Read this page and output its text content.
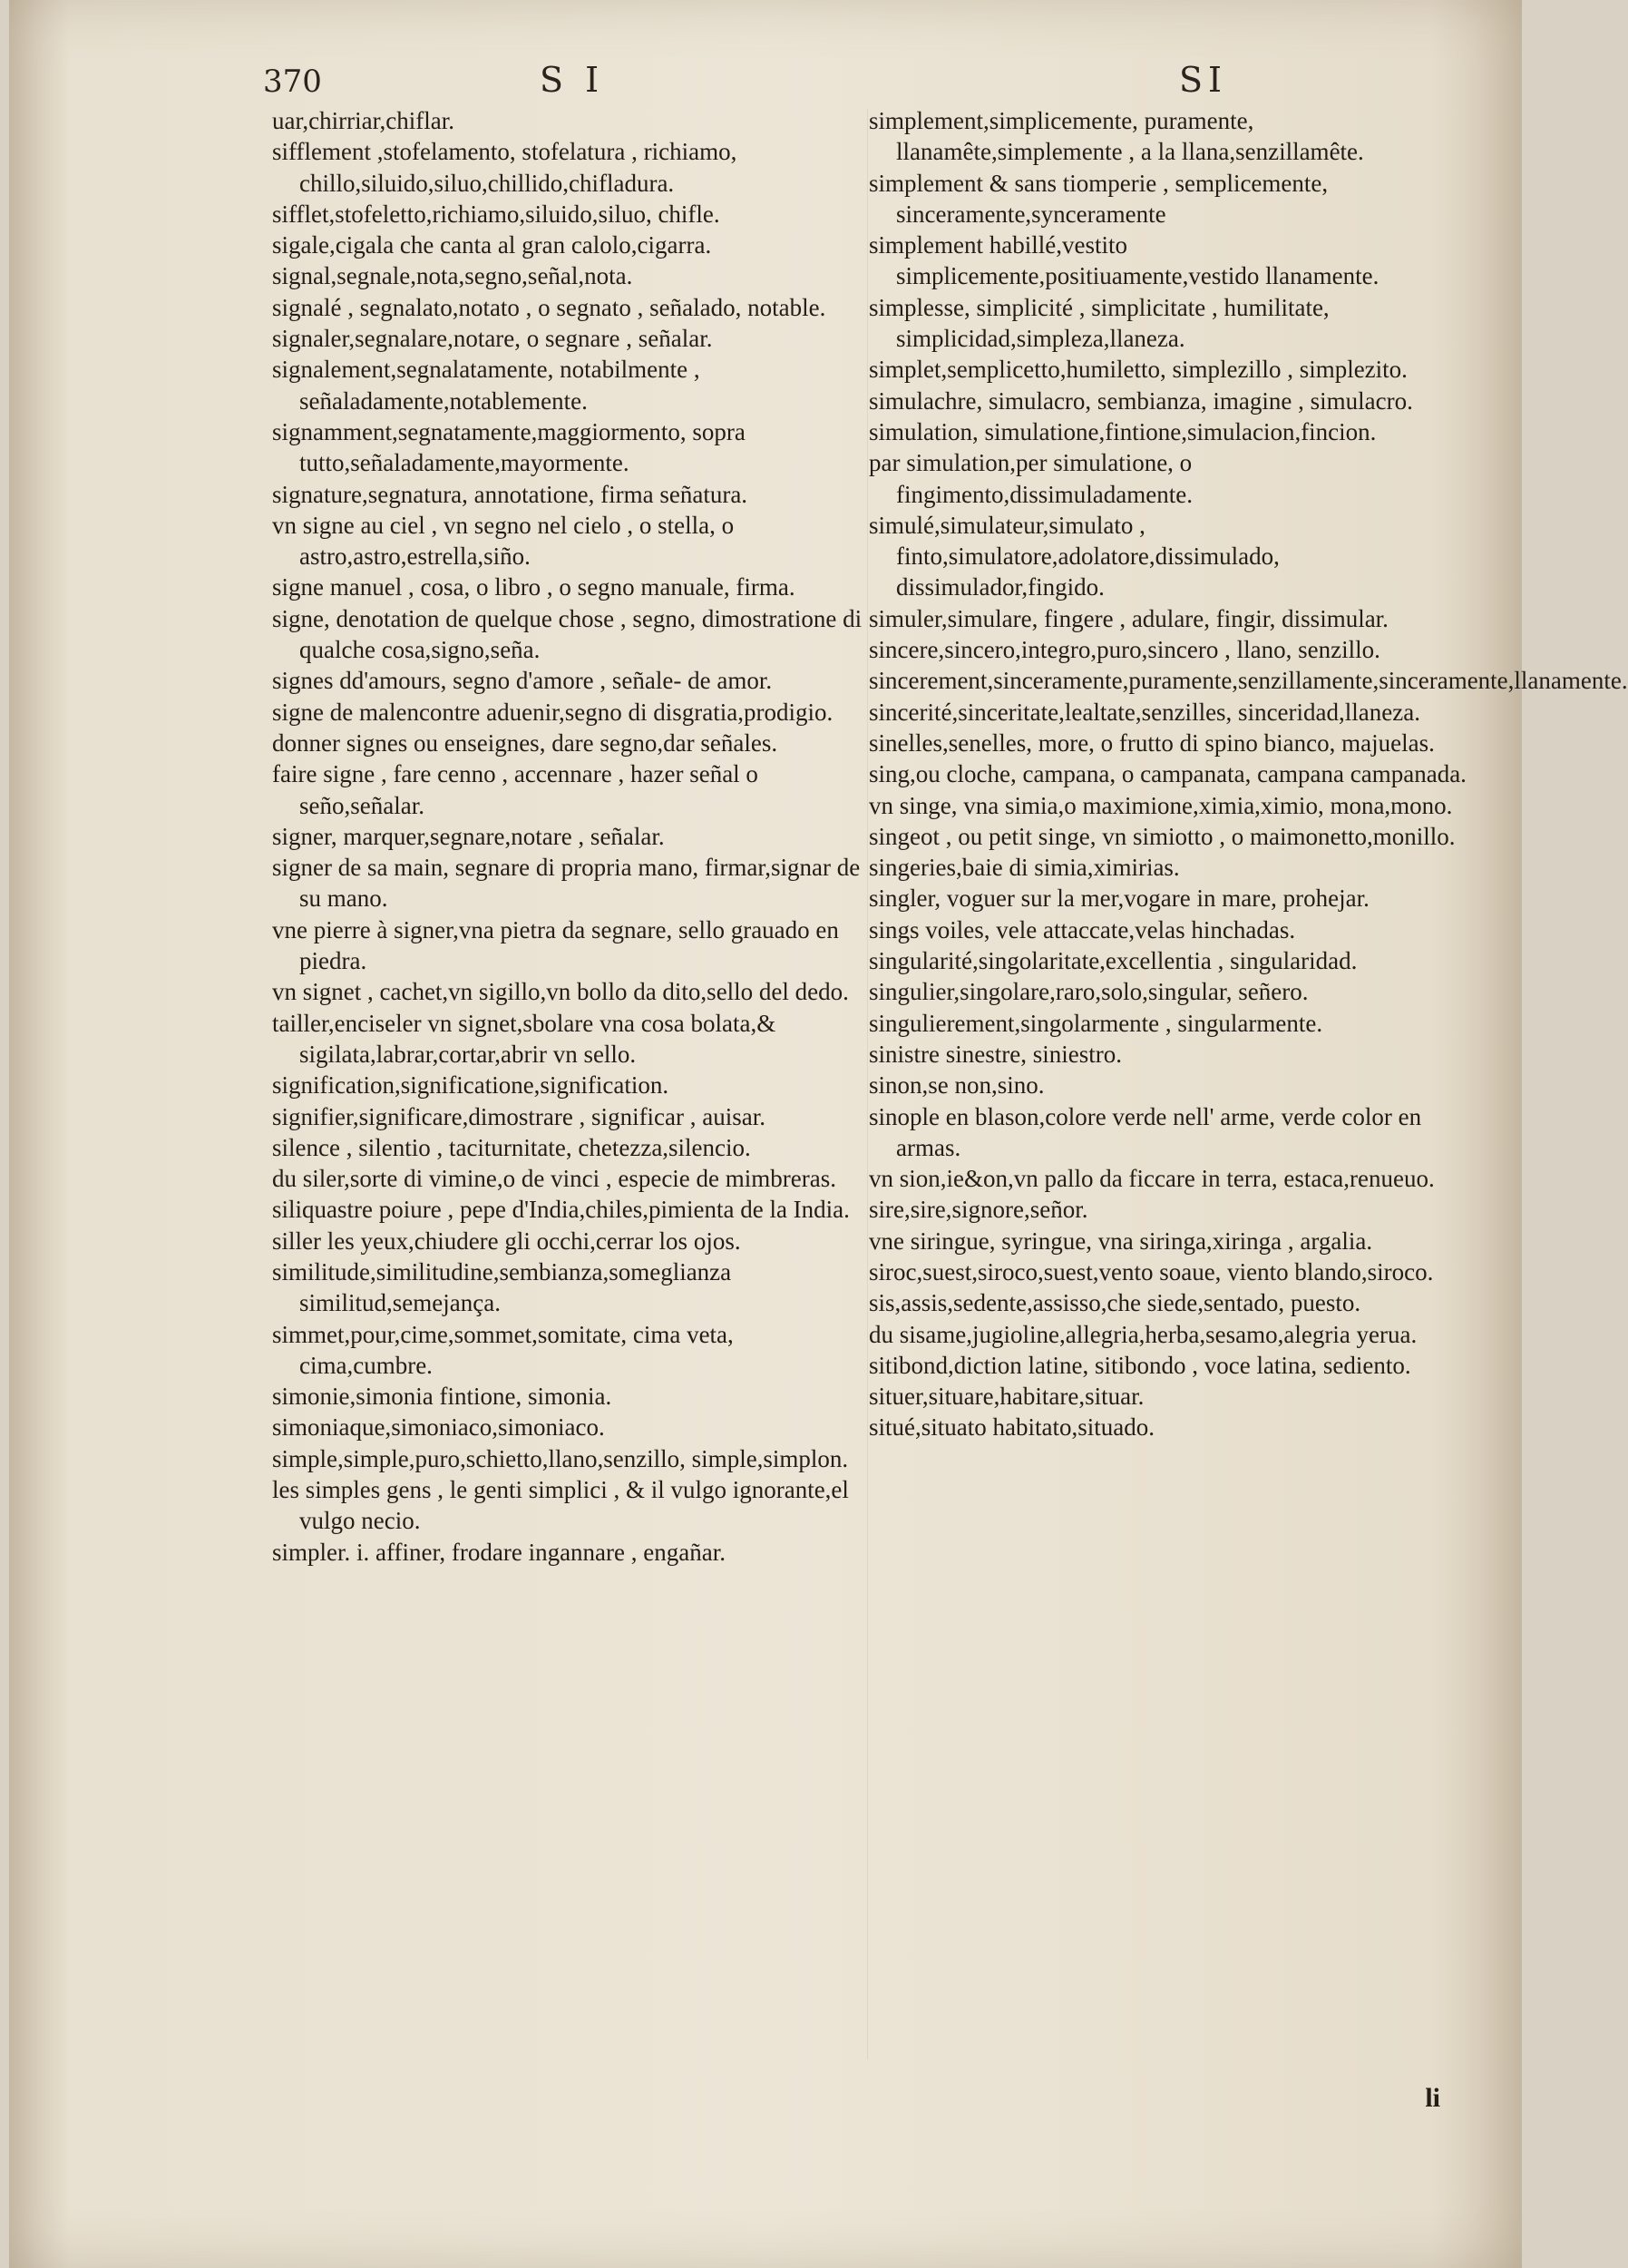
370	S I	SI

uar,chirriar,chiflar.

sifflement ,stofelamento, stofelatura , richiamo, chillo,siluido,siluo,chillido,chifladura.

sifflet,stofeletto,richiamo,siluido,siluo, chifle.

sigale,cigala che canta al gran calolo,cigarra.

signal,segnale,nota,segno,señal,nota.

signalé , segnalato,notato , o segnato , señalado, notable.

signaler,segnalare,notare, o segnare , señalar.

signalement,segnalatamente, notabilmente , señaladamente,notablemente.

signamment,segnatamente,maggiormento, sopra tutto,señaladamente,mayormente.

signature,segnatura, annotatione, firma señatura.

vn signe au ciel , vn segno nel cielo , o stella, o astro,astro,estrella,siño.

signe manuel , cosa, o libro , o segno manuale, firma.

signe, denotation de quelque chose , segno, dimostratione di qualche cosa,signo,seña.

signes dd'amours, segno d'amore , señale- de amor.

signe de malencontre aduenir,segno di disgratia,prodigio.

donner signes ou enseignes, dare segno,dar señales.

faire signe , fare cenno , accennare , hazer señal o seño,señalar.

signer, marquer,segnare,notare , señalar.

signer de sa main, segnare di propria mano, firmar,signar de su mano.

vne pierre à signer,vna pietra da segnare, sello grauado en piedra.

vn signet , cachet,vn sigillo,vn bollo da dito,sello del dedo.

tailler,enciseler vn signet,sbolare vna cosa bolata,& sigilata,labrar,cortar,abrir vn sello.

signification,significatione,signification.

signifier,significare,dimostrare , significar , auisar.

silence , silentio , taciturnitate, chetezza,silencio.

du siler,sorte di vimine,o de vinci , especie de mimbreras.

siliquastre poiure , pepe d'India,chiles,pimienta de la India.

siller les yeux,chiudere gli occhi,cerrar los ojos.

similitude,similitudine,sembianza,someglianza similitud,semejança.

simmet,pour,cime,sommet,somitate, cima veta, cima,cumbre.

simonie,simonia fintione, simonia.

simoniaque,simoniaco,simoniaco.

simple,simple,puro,schietto,llano,senzillo, simple,simplon.

les simples gens , le genti simplici , & il vulgo ignorante,el vulgo necio.

simpler. i. affiner, frodare ingannare , engañar.

simplement,simplicemente, puramente, llanamête,simplemente , a la llana,senzillamête.

simplement & sans tiomperie , semplicemente, sinceramente,synceramente

simplement habillé,vestito simplicemente,positiuamente,vestido llanamente.

simplesse, simplicité , simplicitate , humilitate, simplicidad,simpleza,llaneza.

simplet,semplicetto,humiletto, simplezillo , simplezito.

simulachre, simulacro, sembianza, imagine , simulacro.

simulation, simulatione,fintione,simulacion,fincion.

par simulation,per simulatione, o fingimento,dissimuladamente.

simulé,simulateur,simulato , finto,simulatore,adolatore,dissimulado, dissimulador,fingido.

simuler,simulare, fingere , adulare, fingir, dissimular.

sincere,sincero,integro,puro,sincero , llano, senzillo.

sincerement,sinceramente,puramente,senzillamente,sinceramente,llanamente.

sincerité,sinceritate,lealtate,senzilles, sinceridad,llaneza.

sinelles,senelles, more, o frutto di spino bianco, majuelas.

sing,ou cloche, campana, o campanata, campana campanada.

vn singe, vna simia,o maximione,ximia,ximio, mona,mono.

singeot , ou petit singe, vn simiotto , o maimonetto,monillo.

singeries,baie di simia,ximirias.

singler, voguer sur la mer,vogare in mare, prohejar.

sings voiles, vele attaccate,velas hinchadas.

singularité,singolaritate,excellentia , singularidad.

singulier,singolare,raro,solo,singular, señero.

singulierement,singolarmente , singularmente.

sinistre sinestre, siniestro.

sinon,se non,sino.

sinople en blason,colore verde nell' arme, verde color en armas.

vn sion,ie&on,vn pallo da ficcare in terra, estaca,renueuo.

sire,sire,signore,señor.

vne siringue, syringue, vna siringa,xiringa , argalia.

siroc,suest,siroco,suest,vento soaue, viento blando,siroco.

sis,assis,sedente,assisso,che siede,sentado, puesto.

du sisame,jugioline,allegria,herba,sesamo,alegria yerua.

sitibond,diction latine, sitibondo , voce latina, sediento.

situer,situare,habitare,situar.

situé,situato habitato,situado.

li
